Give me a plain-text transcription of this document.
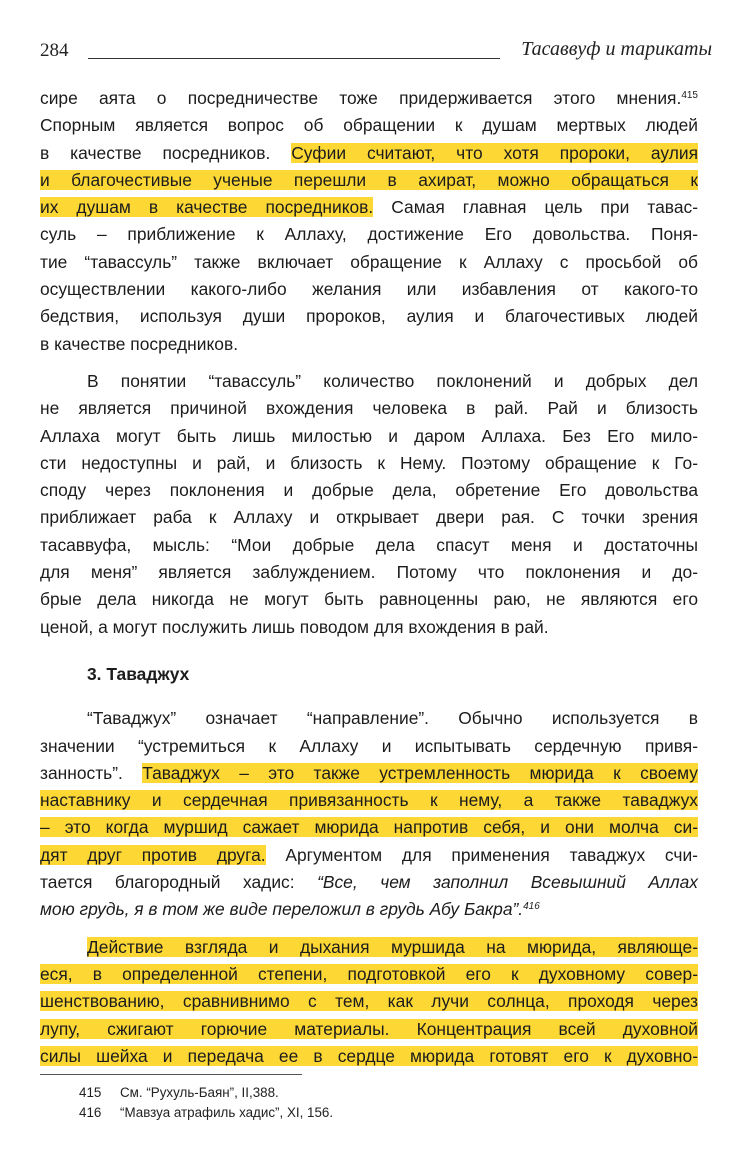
284	Тасаввуф и тарикаты
сире аята о посредничестве тоже придерживается этого мнения.$^{415}$
Спорным является вопрос об обращении к душам мертвых людей
в качестве посредников. Суфии считают, что хотя пророки, аулия
и благочестивые ученые перешли в ахират, можно обращаться к
их душам в качестве посредников. Самая главная цель при тавас-
суль – приближение к Аллаху, достижение Его довольства. Поня-
тие “тавассуль” также включает обращение к Аллаху с просьбой об
осуществлении какого-либо желания или избавления от какого-то
бедствия, используя души пророков, аулия и благочестивых людей
в качестве посредников.
В понятии “тавассуль” количество поклонений и добрых дел
не является причиной вхождения человека в рай. Рай и близость
Аллаха могут быть лишь милостью и даром Аллаха. Без Его мило-
сти недоступны и рай, и близость к Нему. Поэтому обращение к Го-
споду через поклонения и добрые дела, обретение Его довольства
приближает раба к Аллаху и открывает двери рая. С точки зрения
тасаввуфа, мысль: “Мои добрые дела спасут меня и достаточны
для меня” является заблуждением. Потому что поклонения и до-
брые дела никогда не могут быть равноценны раю, не являются его
ценой, а могут послужить лишь поводом для вхождения в рай.
3. Таваджух
“Таваджух” означает “направление”. Обычно используется в
значении “устремиться к Аллаху и испытывать сердечную привя-
занность”. Таваджух – это также устремленность мюрида к своему
наставнику и сердечная привязанность к нему, а также таваджух
– это когда муршид сажает мюрида напротив себя, и они молча си-
дят друг против друга. Аргументом для применения таваджух счи-
тается благородный хадис: “Все, чем заполнил Всевышний Аллах
мою грудь, я в том же виде переложил в грудь Абу Бакра”.$^{416}$
Действие взгляда и дыхания муршида на мюрида, являюще-
еся, в определенной степени, подготовкой его к духовному совер-
шенствованию, сравнивнимо с тем, как лучи солнца, проходя через
лупу, сжигают горючие материалы. Концентрация всей духовной
силы шейха и передача ее в сердце мюрида готовят его к духовно-
415 См. “Рухуль-Баян”, II,388.
416 “Мавзуа атрафиль хадис”, XI, 156.
